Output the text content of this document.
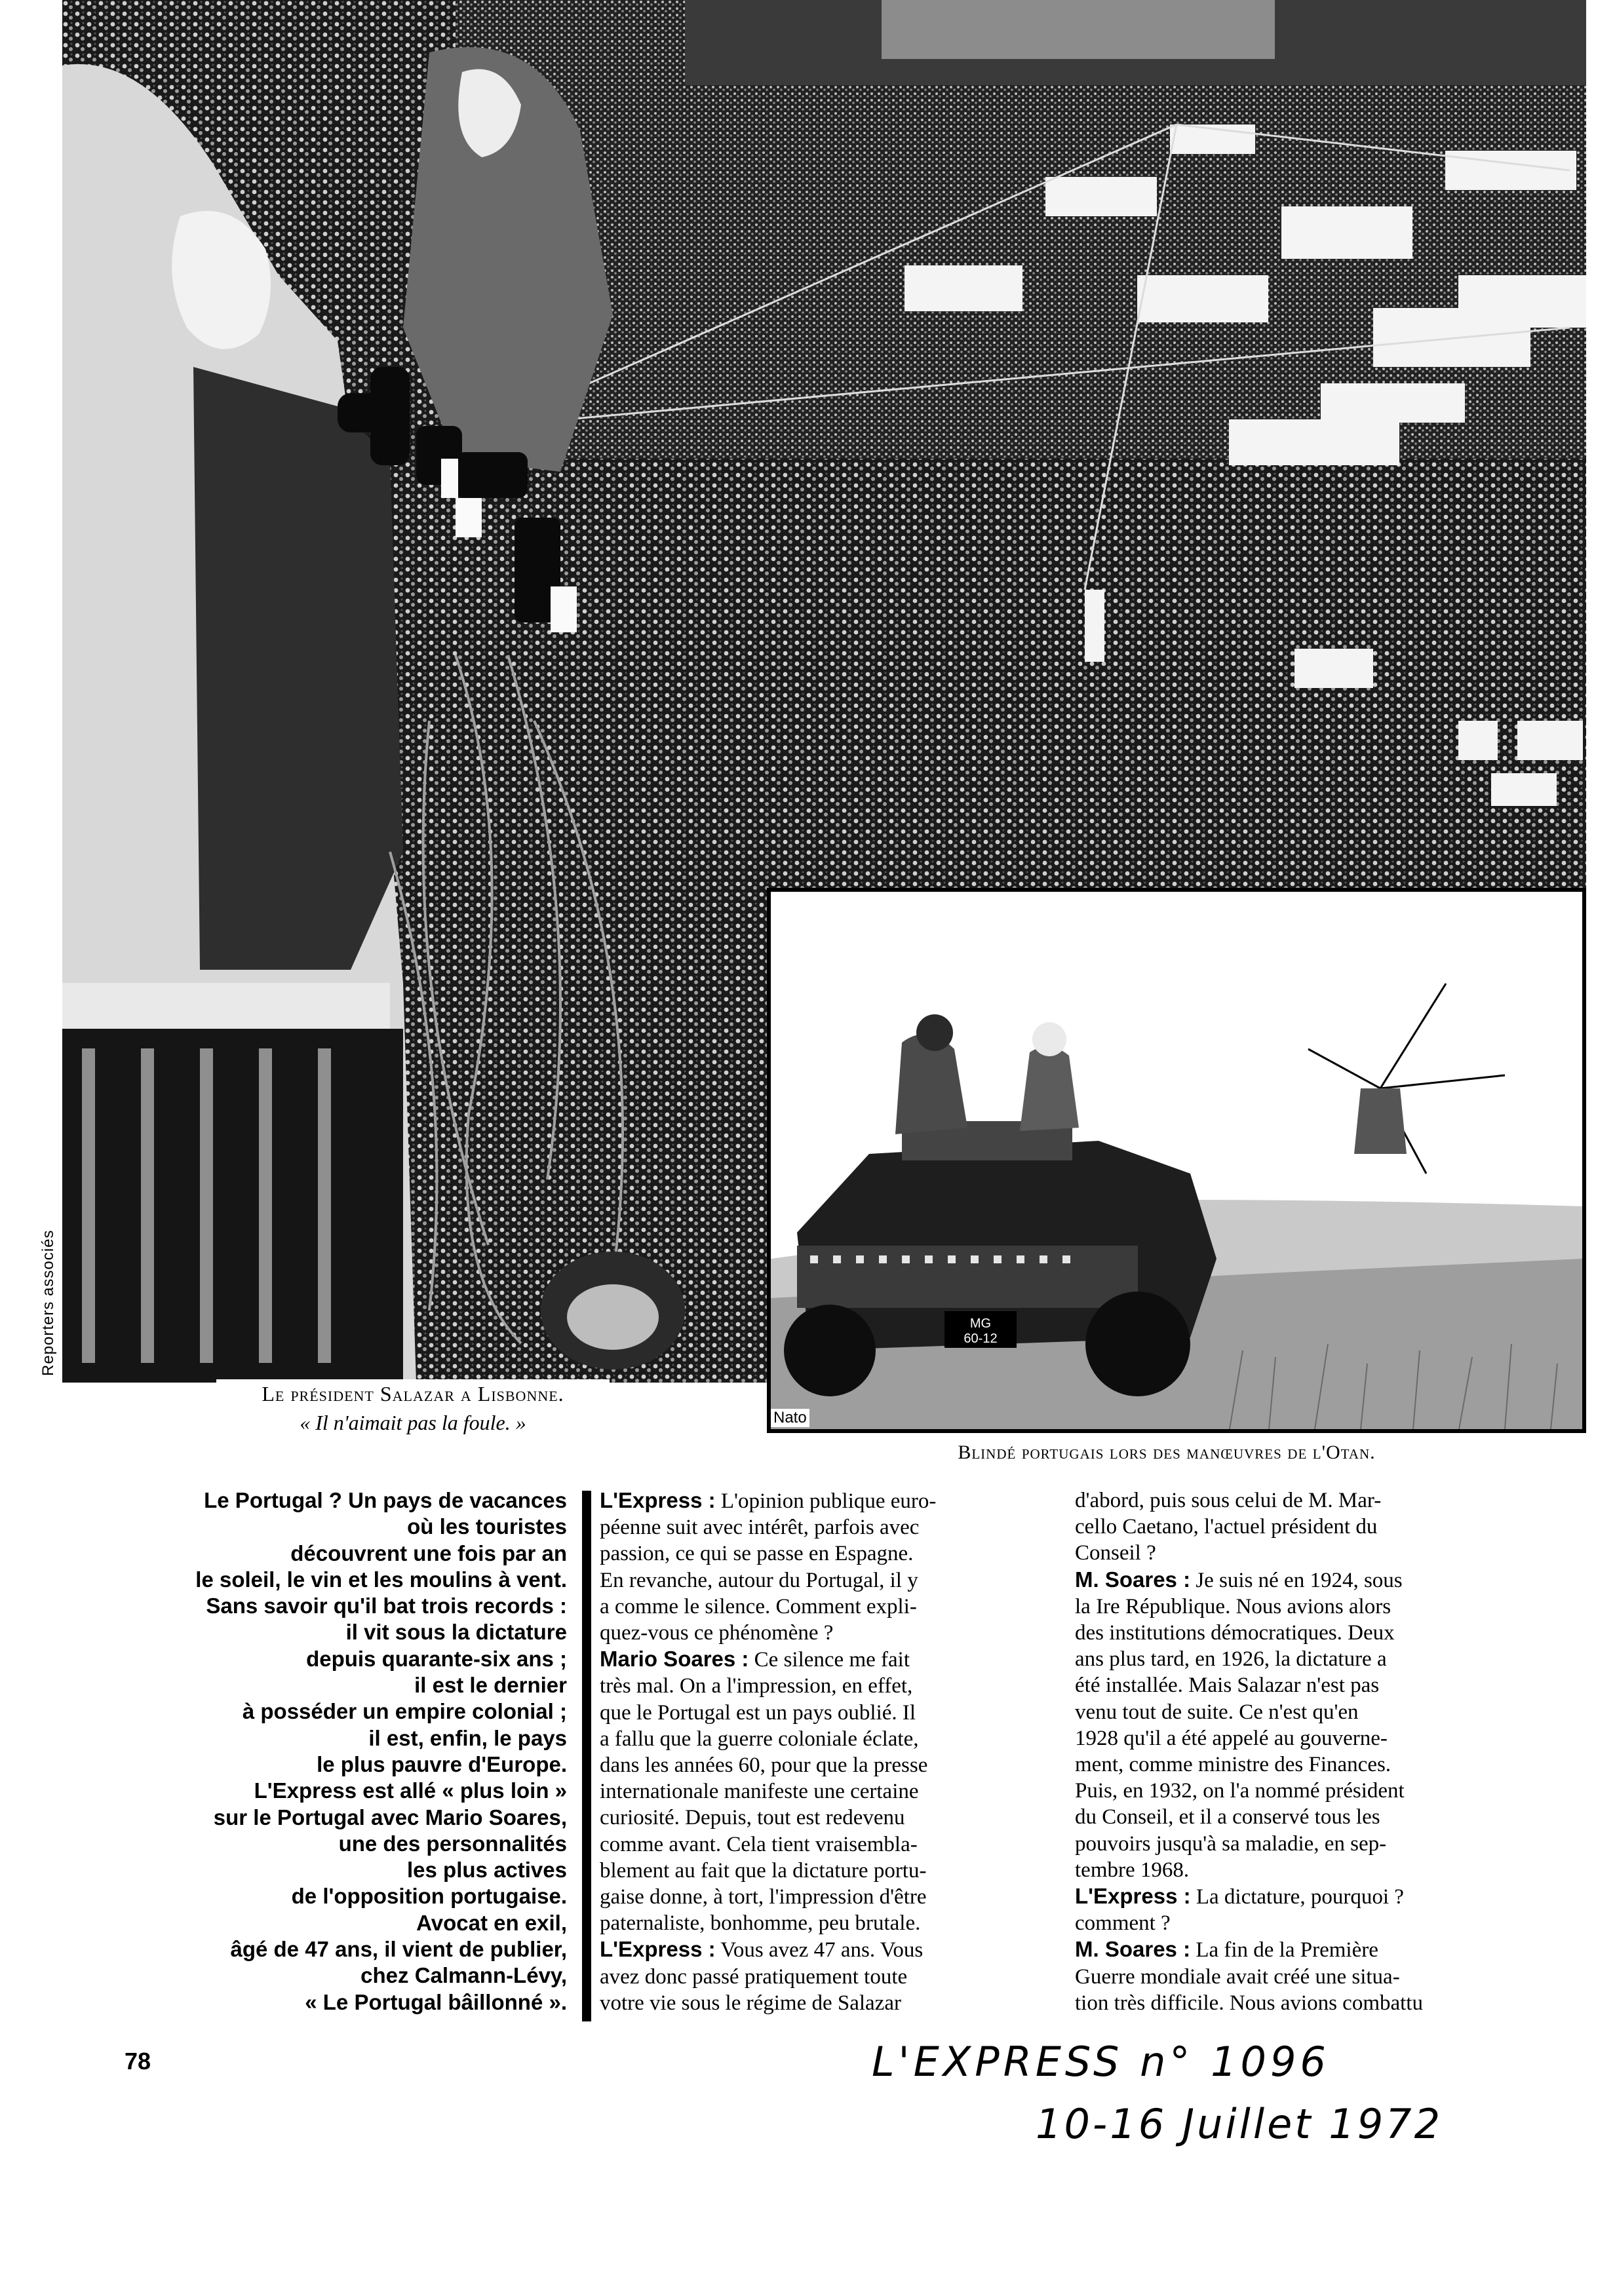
Reporters associés	MG
60-12
Nato
Le président Salazar a Lisbonne.
« Il n'aimait pas la foule. »
Blindé portugais lors des manœuvres de l'Otan.
Le Portugal ? Un pays de vacances
où les touristes
découvrent une fois par an
le soleil, le vin et les moulins à vent.
Sans savoir qu'il bat trois records :
il vit sous la dictature
depuis quarante-six ans ;
il est le dernier
à posséder un empire colonial ;
il est, enfin, le pays
le plus pauvre d'Europe.
L'Express est allé « plus loin »
sur le Portugal avec Mario Soares,
une des personnalités
les plus actives
de l'opposition portugaise.
Avocat en exil,
âgé de 47 ans, il vient de publier,
chez Calmann-Lévy,
« Le Portugal bâillonné ».
L'Express : L'opinion publique euro-
péenne suit avec intérêt, parfois avec
passion, ce qui se passe en Espagne.
En revanche, autour du Portugal, il y
a comme le silence. Comment expli-
quez-vous ce phénomène ?
Mario Soares : Ce silence me fait
très mal. On a l'impression, en effet,
que le Portugal est un pays oublié. Il
a fallu que la guerre coloniale éclate,
dans les années 60, pour que la presse
internationale manifeste une certaine
curiosité. Depuis, tout est redevenu
comme avant. Cela tient vraisembla-
blement au fait que la dictature portu-
gaise donne, à tort, l'impression d'être
paternaliste, bonhomme, peu brutale.
L'Express : Vous avez 47 ans. Vous
avez donc passé pratiquement toute
votre vie sous le régime de Salazar
d'abord, puis sous celui de M. Mar-
cello Caetano, l'actuel président du
Conseil ?
M. Soares : Je suis né en 1924, sous
la Ire République. Nous avions alors
des institutions démocratiques. Deux
ans plus tard, en 1926, la dictature a
été installée. Mais Salazar n'est pas
venu tout de suite. Ce n'est qu'en
1928 qu'il a été appelé au gouverne-
ment, comme ministre des Finances.
Puis, en 1932, on l'a nommé président
du Conseil, et il a conservé tous les
pouvoirs jusqu'à sa maladie, en sep-
tembre 1968.
L'Express : La dictature, pourquoi ?
comment ?
M. Soares : La fin de la Première
Guerre mondiale avait créé une situa-
tion très difficile. Nous avions combattu
78	L'EXPRESS n° 1096
10-16 Juillet 1972
